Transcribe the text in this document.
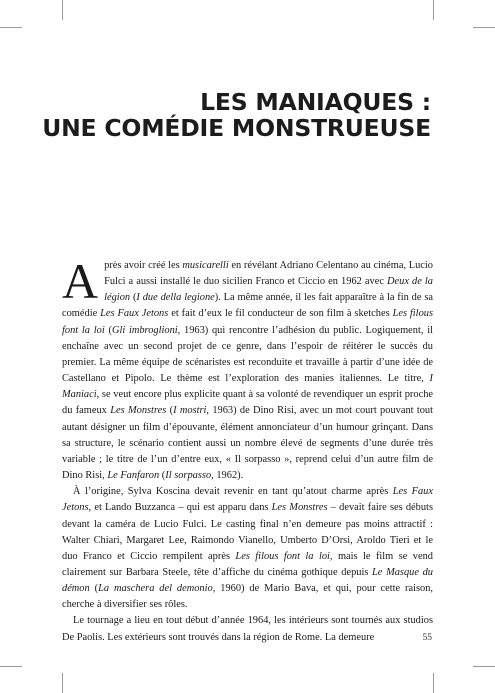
LES MANIAQUES :
UNE COMÉDIE MONSTRUEUSE

Après avoir créé les musicarelli en révélant Adriano Celentano au cinéma, Lucio Fulci a aussi installé le duo sicilien Franco et Ciccio en 1962 avec Deux de la légion (I due della legione). La même année, il les fait apparaître à la fin de sa comédie Les Faux Jetons et fait d’eux le fil conducteur de son film à sketches Les filous font la loi (Gli imbroglioni, 1963) qui rencontre l’adhésion du public. Logiquement, il enchaîne avec un second projet de ce genre, dans l’espoir de réitérer le succès du premier. La même équipe de scénaristes est reconduite et travaille à partir d’une idée de Castellano et Pipolo. Le thème est l’exploration des manies italiennes. Le titre, I Maniaci, se veut encore plus explicite quant à sa volonté de revendiquer un esprit proche du fameux Les Monstres (I mostri, 1963) de Dino Risi, avec un mot court pouvant tout autant désigner un film d’épouvante, élément annonciateur d’un humour grinçant. Dans sa structure, le scénario contient aussi un nombre élevé de segments d’une durée très variable ; le titre de l’un d’entre eux, « Il sorpasso », reprend celui d’un autre film de Dino Risi, Le Fanfaron (Il sorpasso, 1962).

À l’origine, Sylva Koscina devait revenir en tant qu’atout charme après Les Faux Jetons, et Lando Buzzanca – qui est apparu dans Les Monstres – devait faire ses débuts devant la caméra de Lucio Fulci. Le casting final n’en demeure pas moins attractif : Walter Chiari, Margaret Lee, Raimondo Vianello, Umberto D’Orsi, Aroldo Tieri et le duo Franco et Ciccio rempilent après Les filous font la loi, mais le film se vend clairement sur Barbara Steele, tête d’affiche du cinéma gothique depuis Le Masque du démon (La maschera del demonio, 1960) de Mario Bava, et qui, pour cette raison, cherche à diversifier ses rôles.

Le tournage a lieu en tout début d’année 1964, les intérieurs sont tournés aux studios De Paolis. Les extérieurs sont trouvés dans la région de Rome. La demeure	55
